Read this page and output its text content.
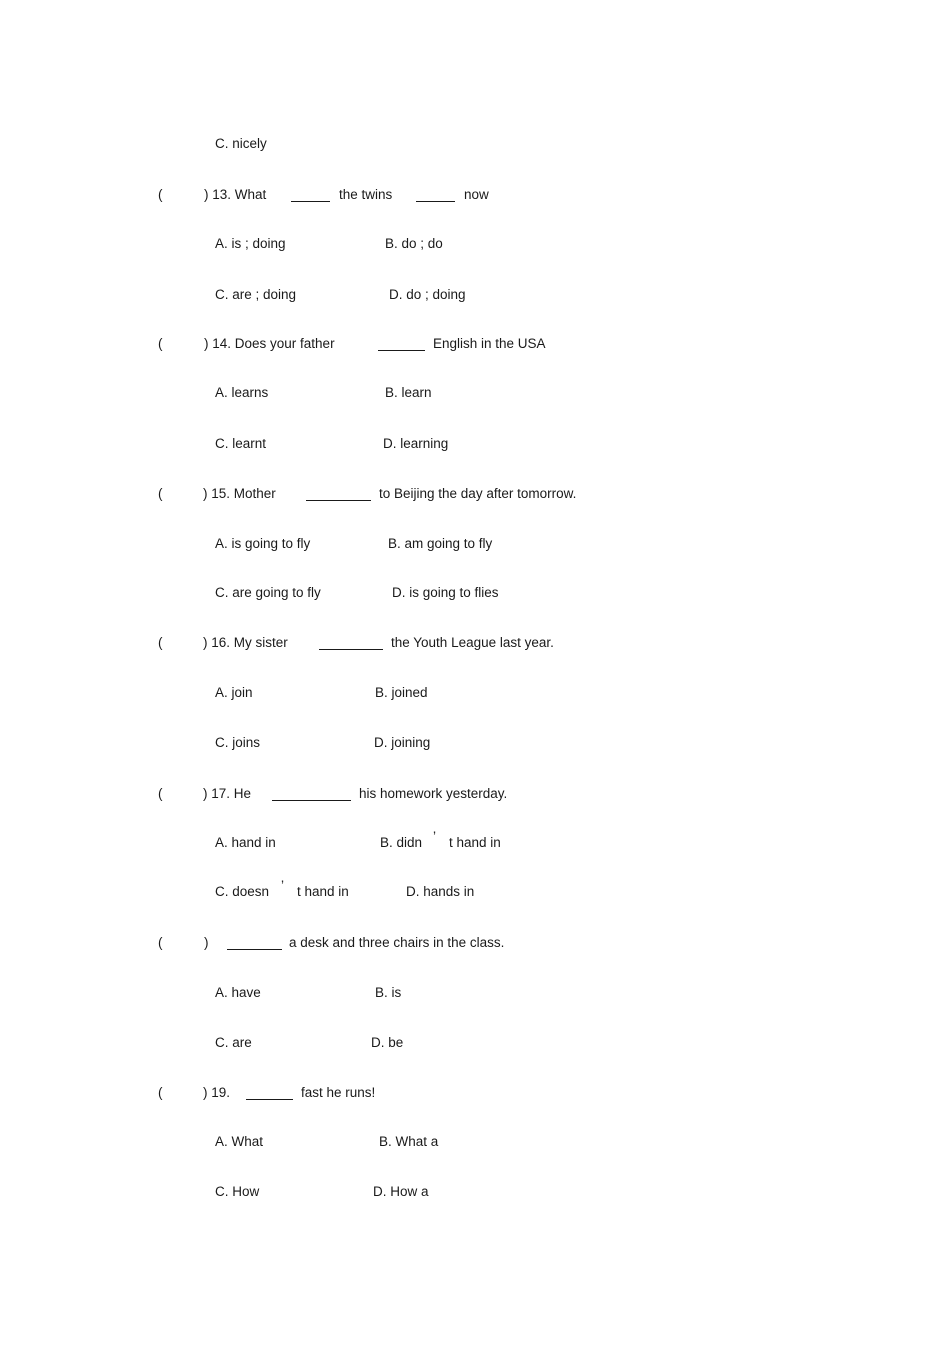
C. nicely
(	) 13. What	the twins	now
A. is ; doing	B. do ; do
C. are ; doing	D. do ; doing
(	) 14. Does your father	English in the USA
A. learns	B. learn
C. learnt	D. learning
(	) 15. Mother	to Beijing the day after tomorrow.
A. is going to fly	B. am going to fly
C. are going to fly	D. is going to flies
(	) 16. My sister	the Youth League last year.
A. join	B. joined
C. joins	D. joining
(	) 17. He	his homework yesterday.
A. hand in	B. didn ’ t hand in
C. doesn ’ t hand in	D. hands in
(	)	a desk and three chairs in the class.
A. have	B. is
C. are	D. be
(	) 19.	fast he runs!
A. What	B. What a
C. How	D. How a
